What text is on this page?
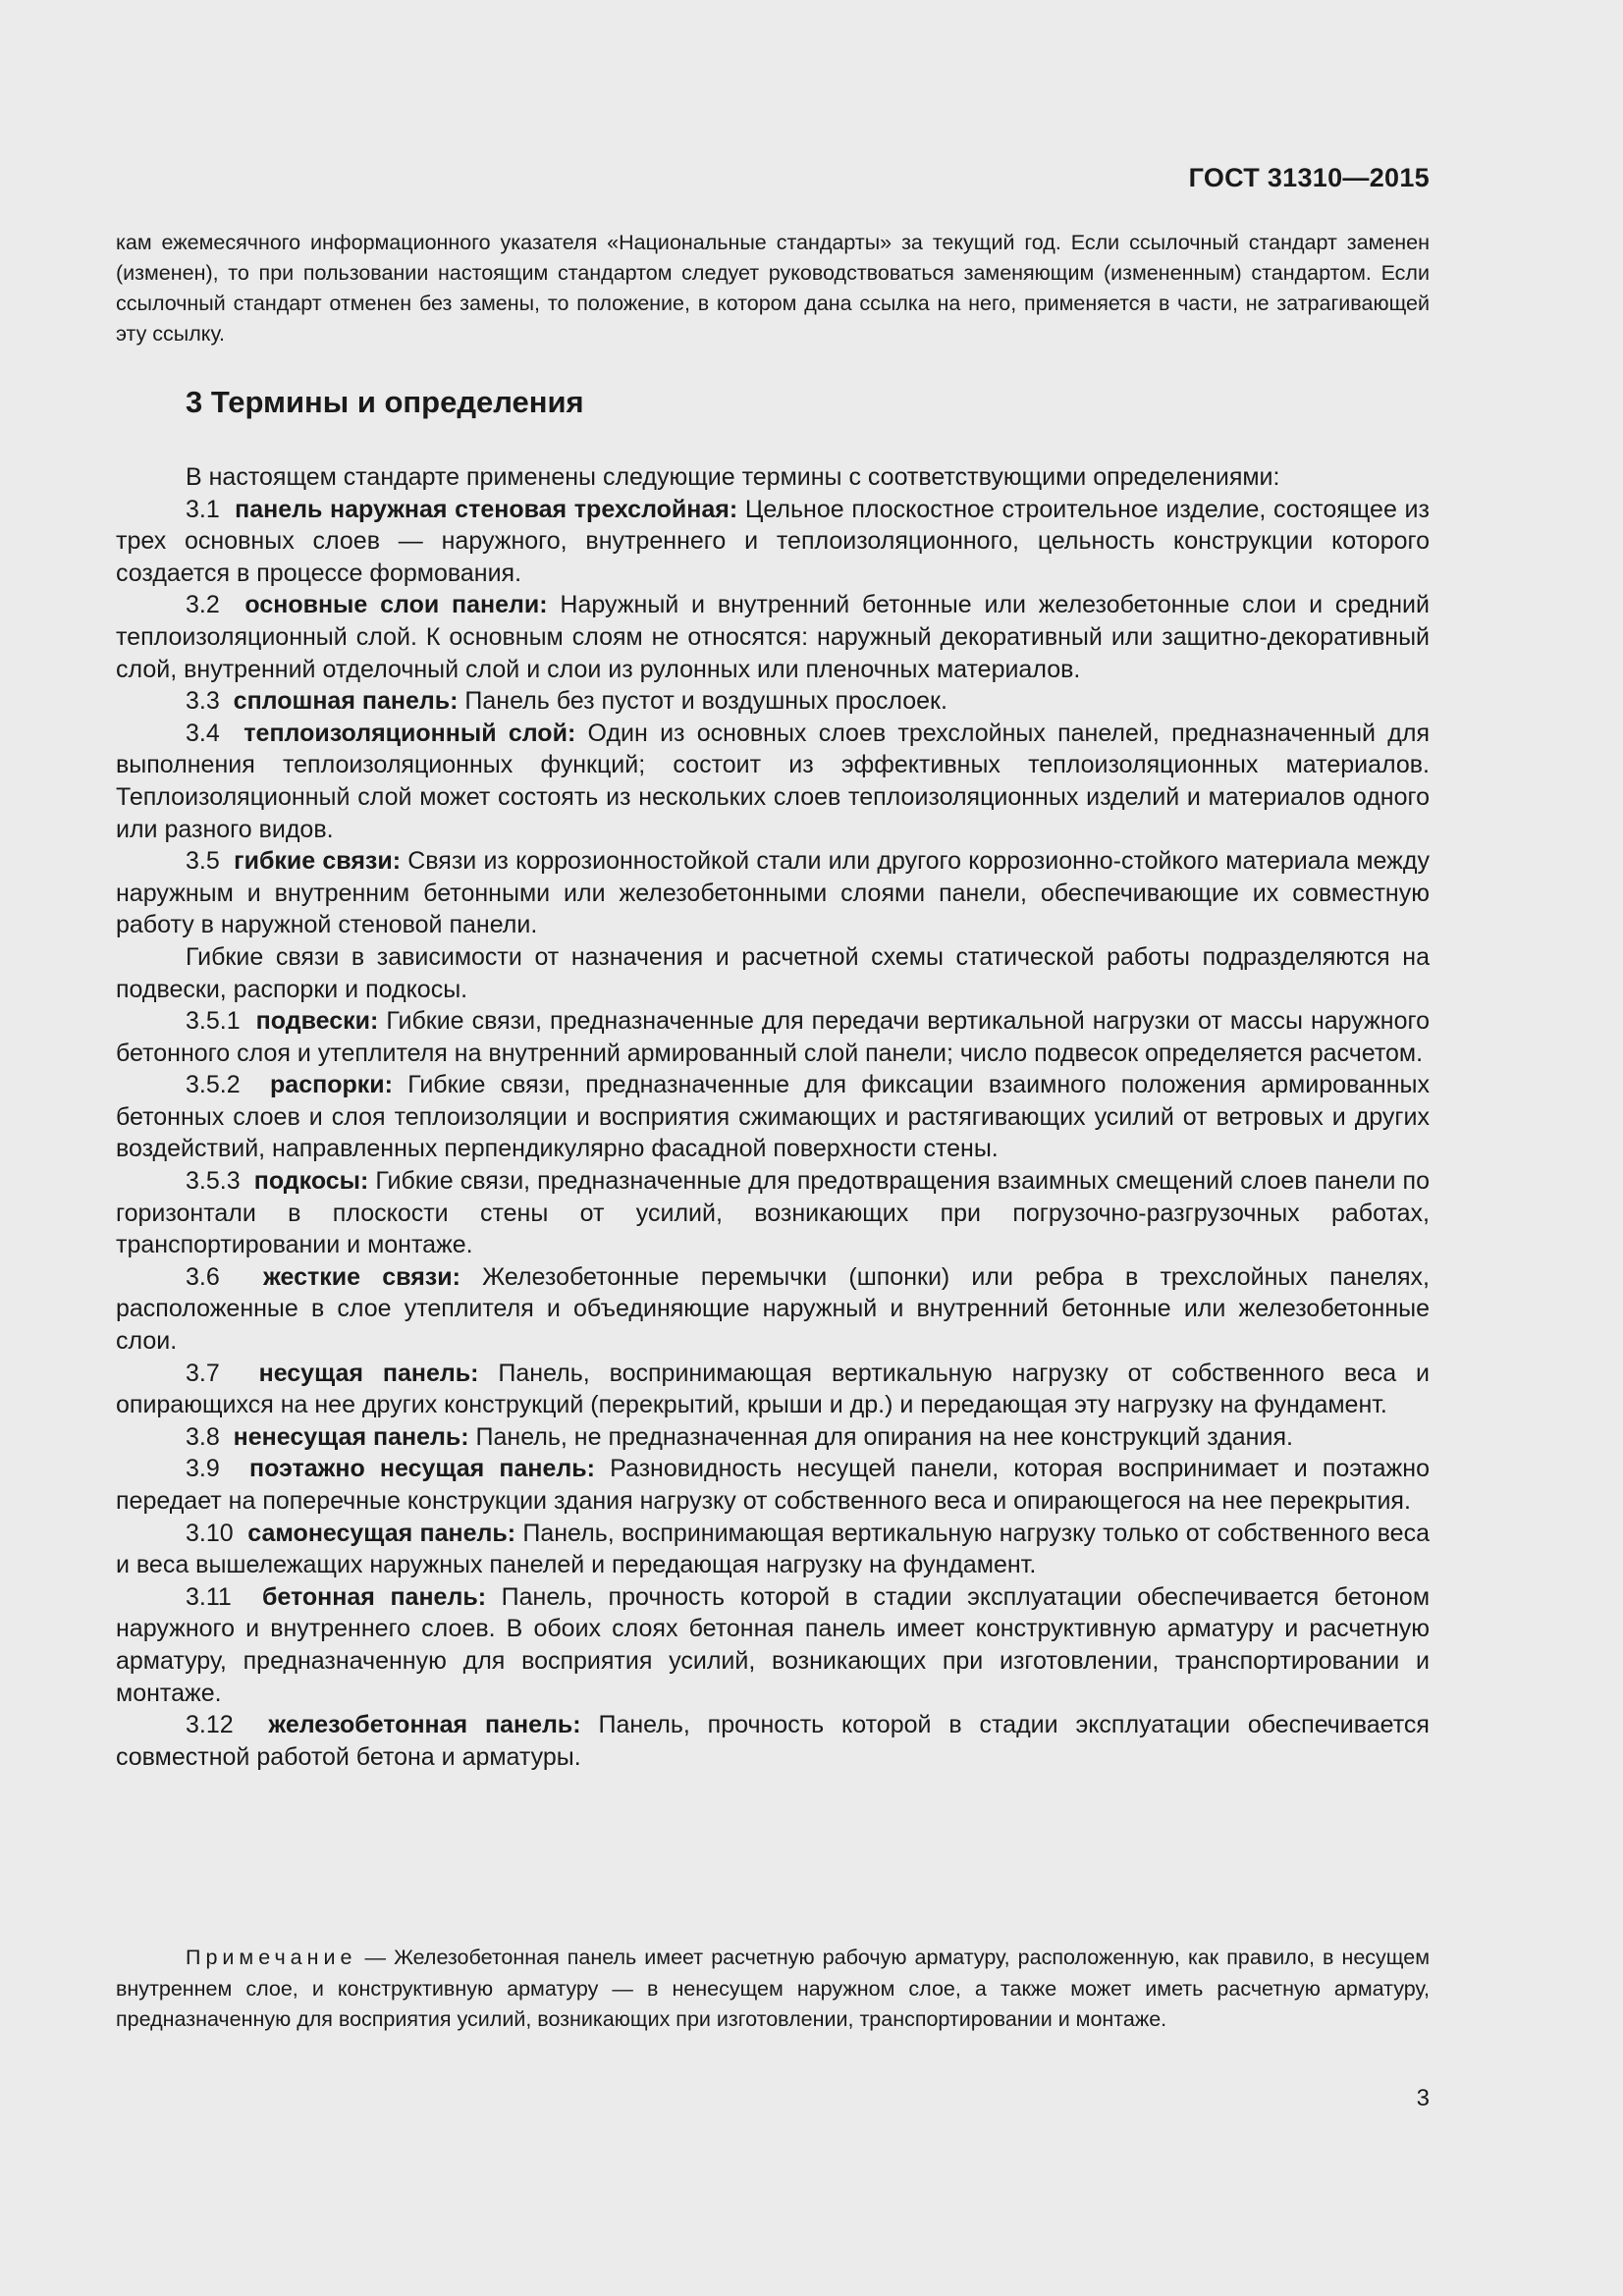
ГОСТ 31310—2015

кам ежемесячного информационного указателя «Национальные стандарты» за текущий год. Если ссылочный стандарт заменен (изменен), то при пользовании настоящим стандартом следует руководствоваться заменяющим (измененным) стандартом. Если ссылочный стандарт отменен без замены, то положение, в котором дана ссылка на него, применяется в части, не затрагивающей эту ссылку.

3 Термины и определения

В настоящем стандарте применены следующие термины с соответствующими определениями:

3.1 панель наружная стеновая трехслойная: Цельное плоскостное строительное изделие, состоящее из трех основных слоев — наружного, внутреннего и теплоизоляционного, цельность конструкции которого создается в процессе формования.

3.2 основные слои панели: Наружный и внутренний бетонные или железобетонные слои и средний теплоизоляционный слой. К основным слоям не относятся: наружный декоративный или защитно-декоративный слой, внутренний отделочный слой и слои из рулонных или пленочных материалов.

3.3 сплошная панель: Панель без пустот и воздушных прослоек.

3.4 теплоизоляционный слой: Один из основных слоев трехслойных панелей, предназначенный для выполнения теплоизоляционных функций; состоит из эффективных теплоизоляционных материалов. Теплоизоляционный слой может состоять из нескольких слоев теплоизоляционных изделий и материалов одного или разного видов.

3.5 гибкие связи: Связи из коррозионностойкой стали или другого коррозионно-стойкого материала между наружным и внутренним бетонными или железобетонными слоями панели, обеспечивающие их совместную работу в наружной стеновой панели.

Гибкие связи в зависимости от назначения и расчетной схемы статической работы подразделяются на подвески, распорки и подкосы.

3.5.1 подвески: Гибкие связи, предназначенные для передачи вертикальной нагрузки от массы наружного бетонного слоя и утеплителя на внутренний армированный слой панели; число подвесок определяется расчетом.

3.5.2 распорки: Гибкие связи, предназначенные для фиксации взаимного положения армированных бетонных слоев и слоя теплоизоляции и восприятия сжимающих и растягивающих усилий от ветровых и других воздействий, направленных перпендикулярно фасадной поверхности стены.

3.5.3 подкосы: Гибкие связи, предназначенные для предотвращения взаимных смещений слоев панели по горизонтали в плоскости стены от усилий, возникающих при погрузочно-разгрузочных работах, транспортировании и монтаже.

3.6 жесткие связи: Железобетонные перемычки (шпонки) или ребра в трехслойных панелях, расположенные в слое утеплителя и объединяющие наружный и внутренний бетонные или железобетонные слои.

3.7 несущая панель: Панель, воспринимающая вертикальную нагрузку от собственного веса и опирающихся на нее других конструкций (перекрытий, крыши и др.) и передающая эту нагрузку на фундамент.

3.8 ненесущая панель: Панель, не предназначенная для опирания на нее конструкций здания.

3.9 поэтажно несущая панель: Разновидность несущей панели, которая воспринимает и поэтажно передает на поперечные конструкции здания нагрузку от собственного веса и опирающегося на нее перекрытия.

3.10 самонесущая панель: Панель, воспринимающая вертикальную нагрузку только от собственного веса и веса вышележащих наружных панелей и передающая нагрузку на фундамент.

3.11 бетонная панель: Панель, прочность которой в стадии эксплуатации обеспечивается бетоном наружного и внутреннего слоев. В обоих слоях бетонная панель имеет конструктивную арматуру и расчетную арматуру, предназначенную для восприятия усилий, возникающих при изготовлении, транспортировании и монтаже.

3.12 железобетонная панель: Панель, прочность которой в стадии эксплуатации обеспечивается совместной работой бетона и арматуры.

Примечание — Железобетонная панель имеет расчетную рабочую арматуру, расположенную, как правило, в несущем внутреннем слое, и конструктивную арматуру — в ненесущем наружном слое, а также может иметь расчетную арматуру, предназначенную для восприятия усилий, возникающих при изготовлении, транспортировании и монтаже.

3
